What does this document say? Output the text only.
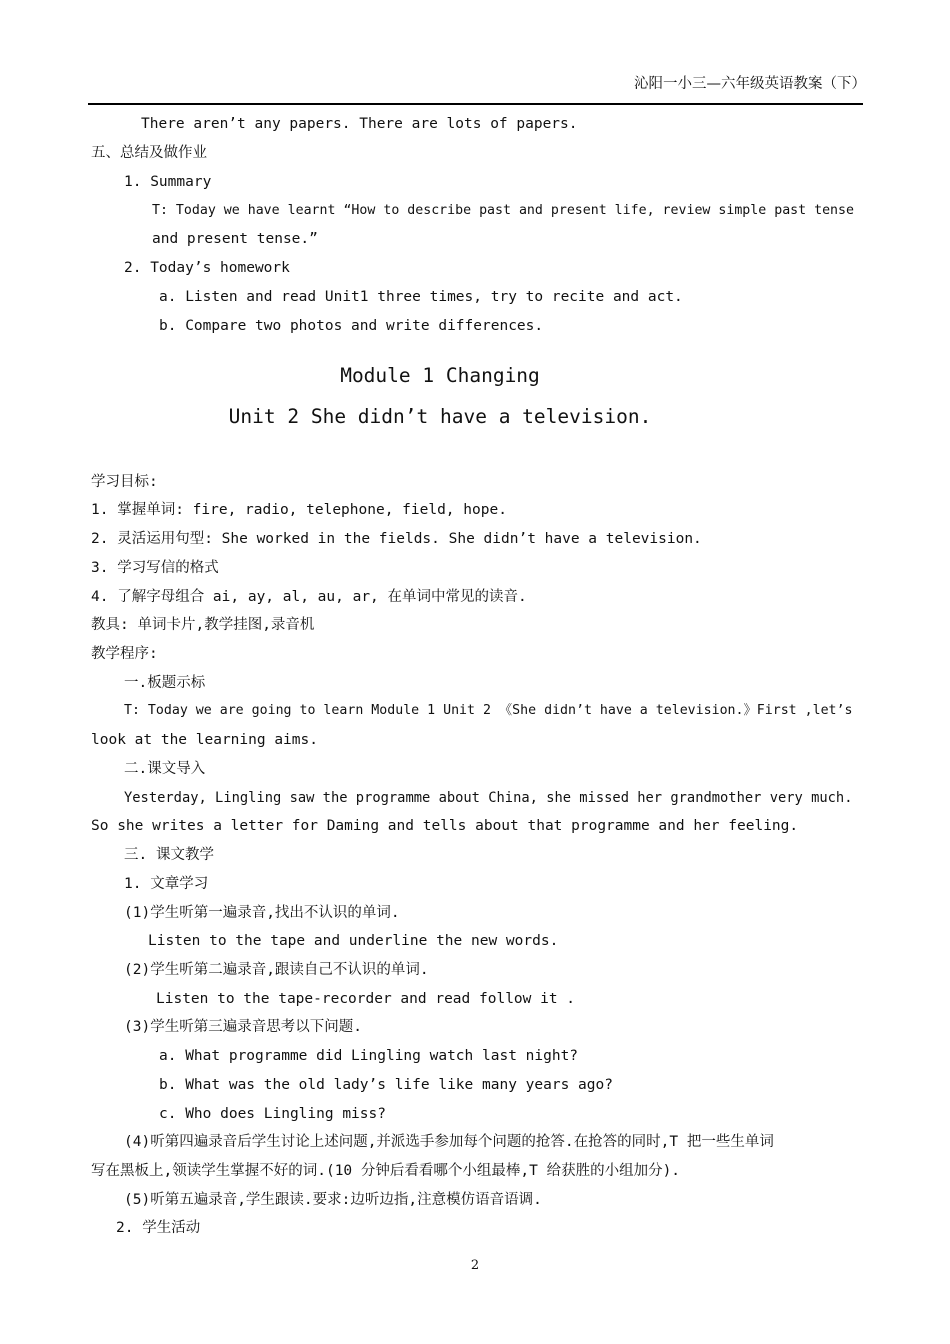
沁阳一小三—六年级英语教案（下）
There aren’t any papers. There are lots of papers.
五、总结及做作业
1. Summary
T: Today we have learnt “How to describe past and present life, review simple past tense
and present tense.”
2. Today’s homework
a. Listen and read Unit1 three times, try to recite and act.
b. Compare two photos and write differences.
Module 1 Changing
Unit 2 She didn’t have a television.
学习目标:
1. 掌握单词: fire, radio, telephone, field, hope.
2. 灵活运用句型: She worked in the fields. She didn’t have a television.
3. 学习写信的格式
4. 了解字母组合 ai, ay, al, au, ar, 在单词中常见的读音.
教具: 单词卡片,教学挂图,录音机
教学程序:
一.板题示标
T: Today we are going to learn Module 1 Unit 2 《She didn’t have a television.》First ,let’s
look at the learning aims.
二.课文导入
Yesterday, Lingling saw the programme about China, she missed her grandmother very much.
So she writes a letter for Daming and tells about that programme and her feeling.
三. 课文教学
1. 文章学习
(1)学生听第一遍录音,找出不认识的单词.
Listen to the tape and underline the new words.
(2)学生听第二遍录音,跟读自己不认识的单词.
Listen to the tape-recorder and read follow it .
(3)学生听第三遍录音思考以下问题.
a. What programme did Lingling watch last night?
b. What was the old lady’s life like many years ago?
c. Who does Lingling miss?
(4)听第四遍录音后学生讨论上述问题,并派选手参加每个问题的抢答.在抢答的同时,T 把一些生单词
写在黑板上,领读学生掌握不好的词.(10 分钟后看看哪个小组最棒,T 给获胜的小组加分).
(5)听第五遍录音,学生跟读.要求:边听边指,注意模仿语音语调.
2. 学生活动
2
